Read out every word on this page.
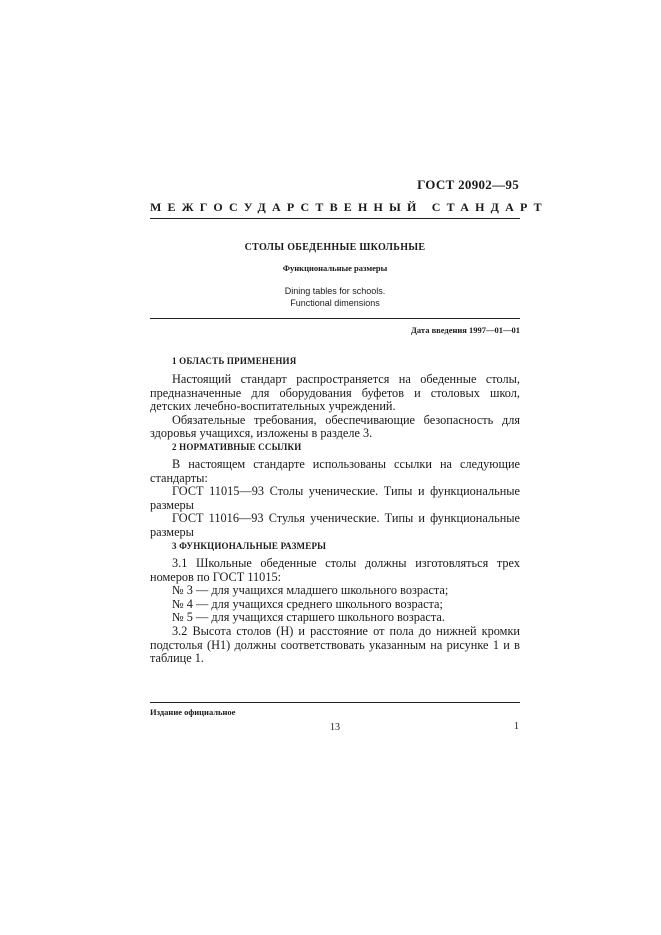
ГОСТ 20902—95
МЕЖГОСУДАРСТВЕННЫЙ СТАНДАРТ
СТОЛЫ ОБЕДЕННЫЕ ШКОЛЬНЫЕ
Функциональные размеры
Dining tables for schools.
Functional dimensions
Дата введения 1997—01—01
1 ОБЛАСТЬ ПРИМЕНЕНИЯ

Настоящий стандарт распространяется на обеденные столы, предназначенные для оборудования буфетов и столовых школ, детских лечебно-воспитательных учреждений.

Обязательные требования, обеспечивающие безопасность для здоровья учащихся, изложены в разделе 3.

2 НОРМАТИВНЫЕ ССЫЛКИ

В настоящем стандарте использованы ссылки на следующие стандарты:

ГОСТ 11015—93 Столы ученические. Типы и функциональные размеры

ГОСТ 11016—93 Стулья ученические. Типы и функциональные размеры

3 ФУНКЦИОНАЛЬНЫЕ РАЗМЕРЫ

3.1 Школьные обеденные столы должны изготовляться трех номеров по ГОСТ 11015:

№ 3 — для учащихся младшего школьного возраста;

№ 4 — для учащихся среднего школьного возраста;

№ 5 — для учащихся старшего школьного возраста.

3.2 Высота столов (H) и расстояние от пола до нижней кромки подстолья (H1) должны соответствовать указанным на рисунке 1 и в таблице 1.

Издание официальное
13	1
